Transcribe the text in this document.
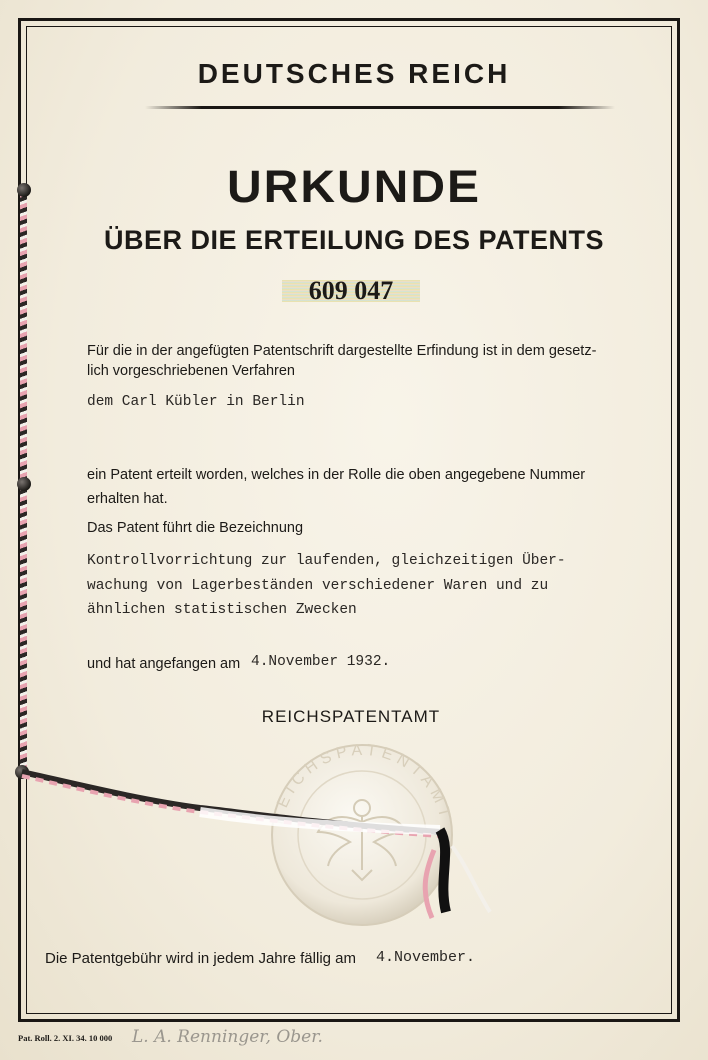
DEUTSCHES REICH
URKUNDE
ÜBER DIE ERTEILUNG DES PATENTS
609 047

Für die in der angefügten Patentschrift dargestellte Erfindung ist in dem gesetz-

lich vorgeschriebenen Verfahren

dem Carl Kübler in Berlin

ein Patent erteilt worden, welches in der Rolle die oben angegebene Nummer

erhalten hat.

Das Patent führt die Bezeichnung

Kontrollvorrichtung zur laufenden, gleichzeitigen Über-

wachung von Lagerbeständen verschiedener Waren und zu

ähnlichen statistischen Zwecken

und hat angefangen am 4.November 1932.

REICHSPATENTAMT

REICHSPATENTAMT

Die Patentgebühr wird in jedem Jahre fällig am 4.November.

Pat. Roll. 2. XI. 34. 10 000 L. A. Renninger, Ober.
